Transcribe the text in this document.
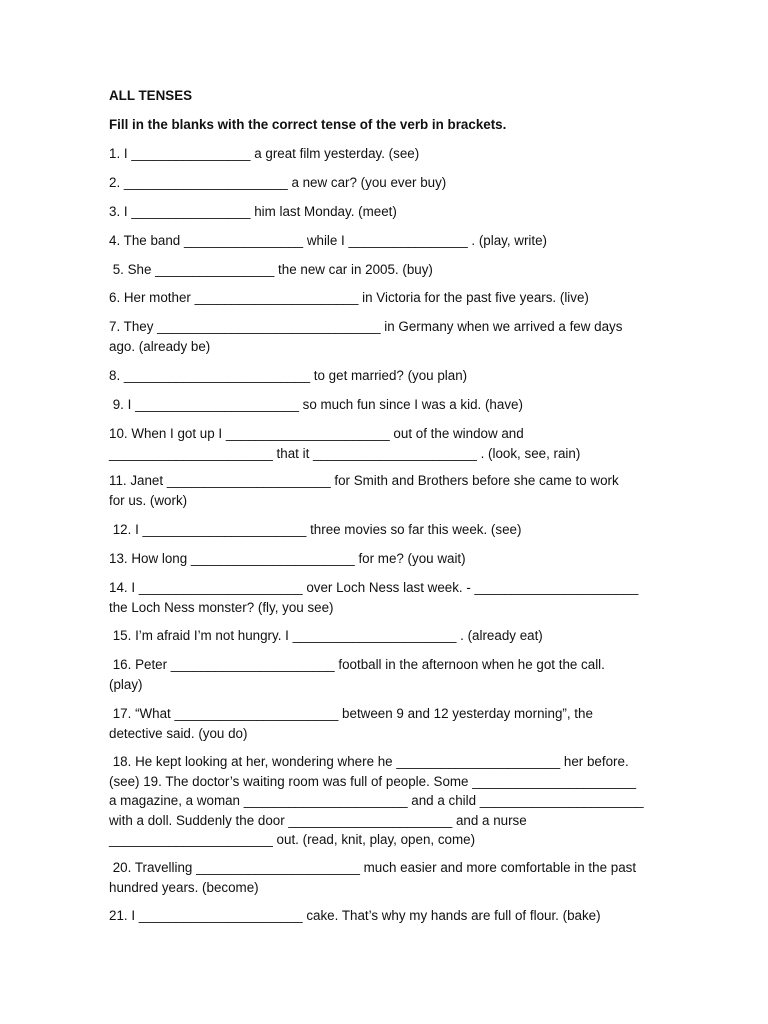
ALL TENSES

Fill in the blanks with the correct tense of the verb in brackets.

1. I ________________ a great film yesterday. (see)

2. ______________________ a new car? (you ever buy)

3. I ________________ him last Monday. (meet)

4. The band ________________ while I ________________ . (play, write)

5. She ________________ the new car in 2005. (buy)

6. Her mother ______________________ in Victoria for the past five years. (live)

7. They ______________________________ in Germany when we arrived a few days

ago. (already be)

8. _________________________ to get married? (you plan)

9. I ______________________ so much fun since I was a kid. (have)

10. When I got up I ______________________ out of the window and

______________________ that it ______________________ . (look, see, rain)

11. Janet ______________________ for Smith and Brothers before she came to work

for us. (work)

12. I ______________________ three movies so far this week. (see)

13. How long ______________________ for me? (you wait)

14. I ______________________ over Loch Ness last week. - ______________________

the Loch Ness monster? (fly, you see)

15. I’m afraid I’m not hungry. I ______________________ . (already eat)

16. Peter ______________________ football in the afternoon when he got the call.

(play)

17. “What ______________________ between 9 and 12 yesterday morning”, the

detective said. (you do)

18. He kept looking at her, wondering where he ______________________ her before.

(see) 19. The doctor’s waiting room was full of people. Some ______________________

a magazine, a woman ______________________ and a child ______________________

with a doll. Suddenly the door ______________________ and a nurse

______________________ out. (read, knit, play, open, come)

20. Travelling ______________________ much easier and more comfortable in the past

hundred years. (become)

21. I ______________________ cake. That’s why my hands are full of flour. (bake)
